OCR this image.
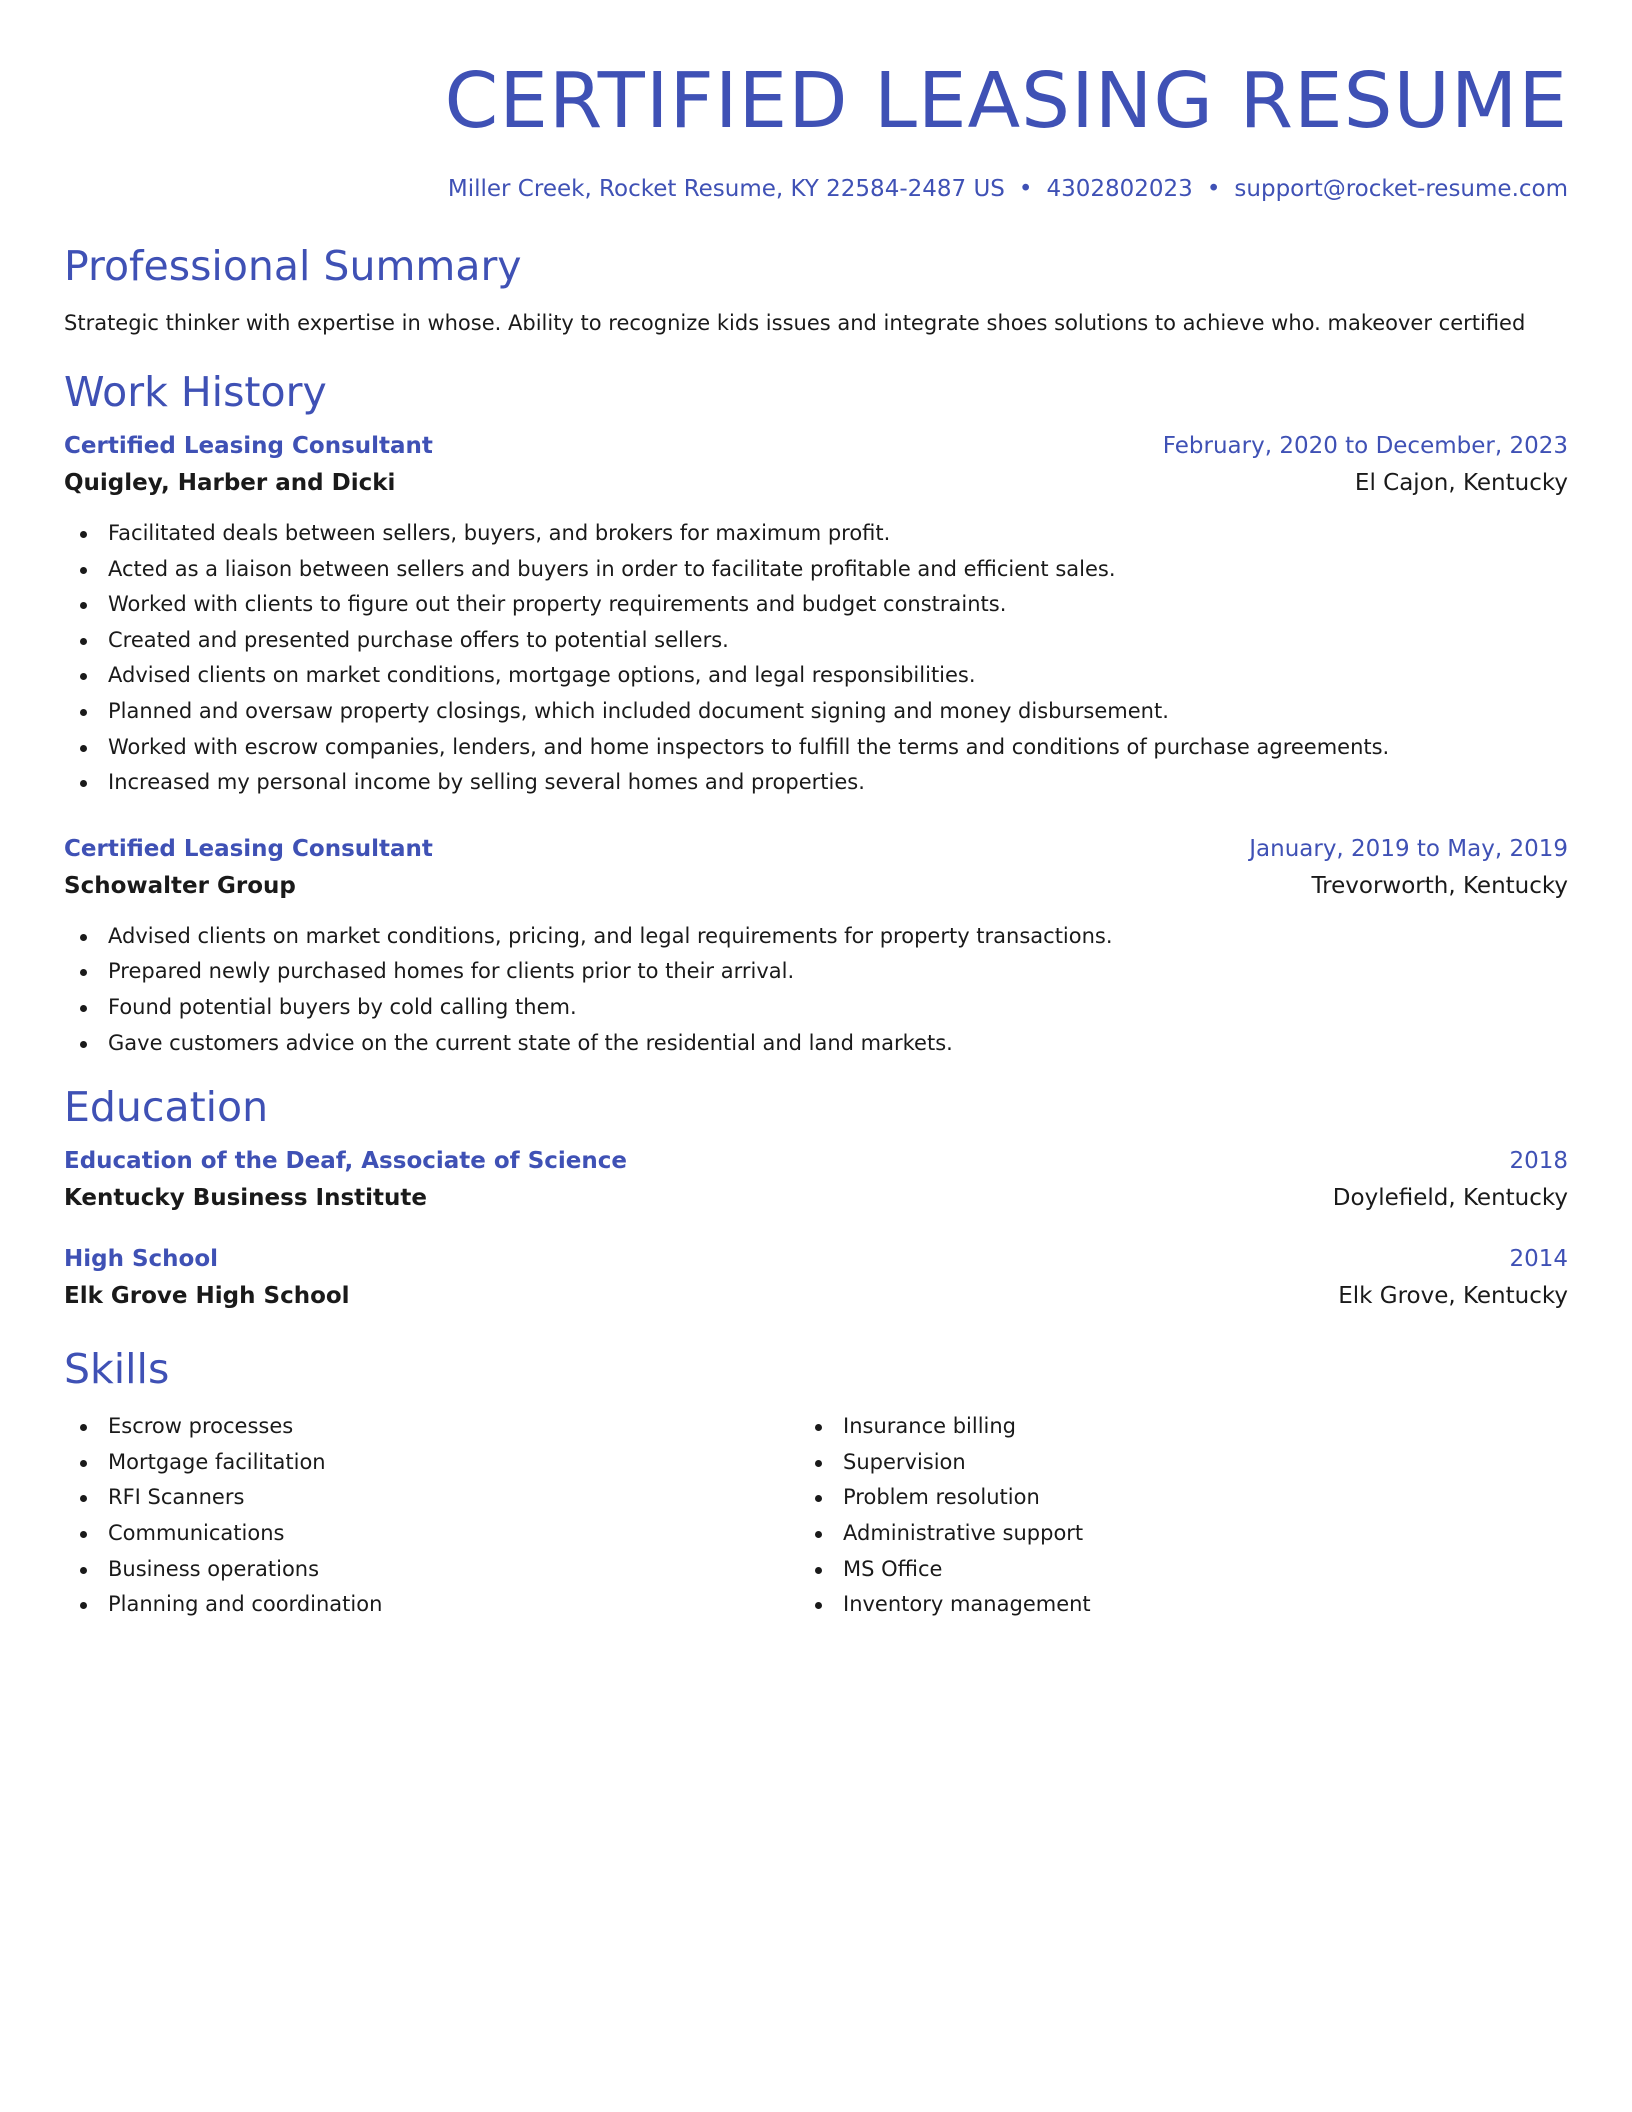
CERTIFIED LEASING RESUME
Miller Creek, Rocket Resume, KY 22584-2487 US • 4302802023 • support@rocket-resume.com
Professional Summary

Strategic thinker with expertise in whose. Ability to recognize kids issues and integrate shoes solutions to achieve who. makeover certified

Work History
Certified Leasing Consultant	February, 2020 to December, 2023
Quigley, Harber and Dicki	El Cajon, Kentucky
Facilitated deals between sellers, buyers, and brokers for maximum profit.
Acted as a liaison between sellers and buyers in order to facilitate profitable and efficient sales.
Worked with clients to figure out their property requirements and budget constraints.
Created and presented purchase offers to potential sellers.
Advised clients on market conditions, mortgage options, and legal responsibilities.
Planned and oversaw property closings, which included document signing and money disbursement.
Worked with escrow companies, lenders, and home inspectors to fulfill the terms and conditions of purchase agreements.
Increased my personal income by selling several homes and properties.
Certified Leasing Consultant	January, 2019 to May, 2019
Schowalter Group	Trevorworth, Kentucky
Advised clients on market conditions, pricing, and legal requirements for property transactions.
Prepared newly purchased homes for clients prior to their arrival.
Found potential buyers by cold calling them.
Gave customers advice on the current state of the residential and land markets.
Education
Education of the Deaf, Associate of Science	2018
Kentucky Business Institute	Doylefield, Kentucky
High School	2014
Elk Grove High School	Elk Grove, Kentucky
Skills
Escrow processes
Mortgage facilitation
RFI Scanners
Communications
Business operations
Planning and coordination
Insurance billing
Supervision
Problem resolution
Administrative support
MS Office
Inventory management
